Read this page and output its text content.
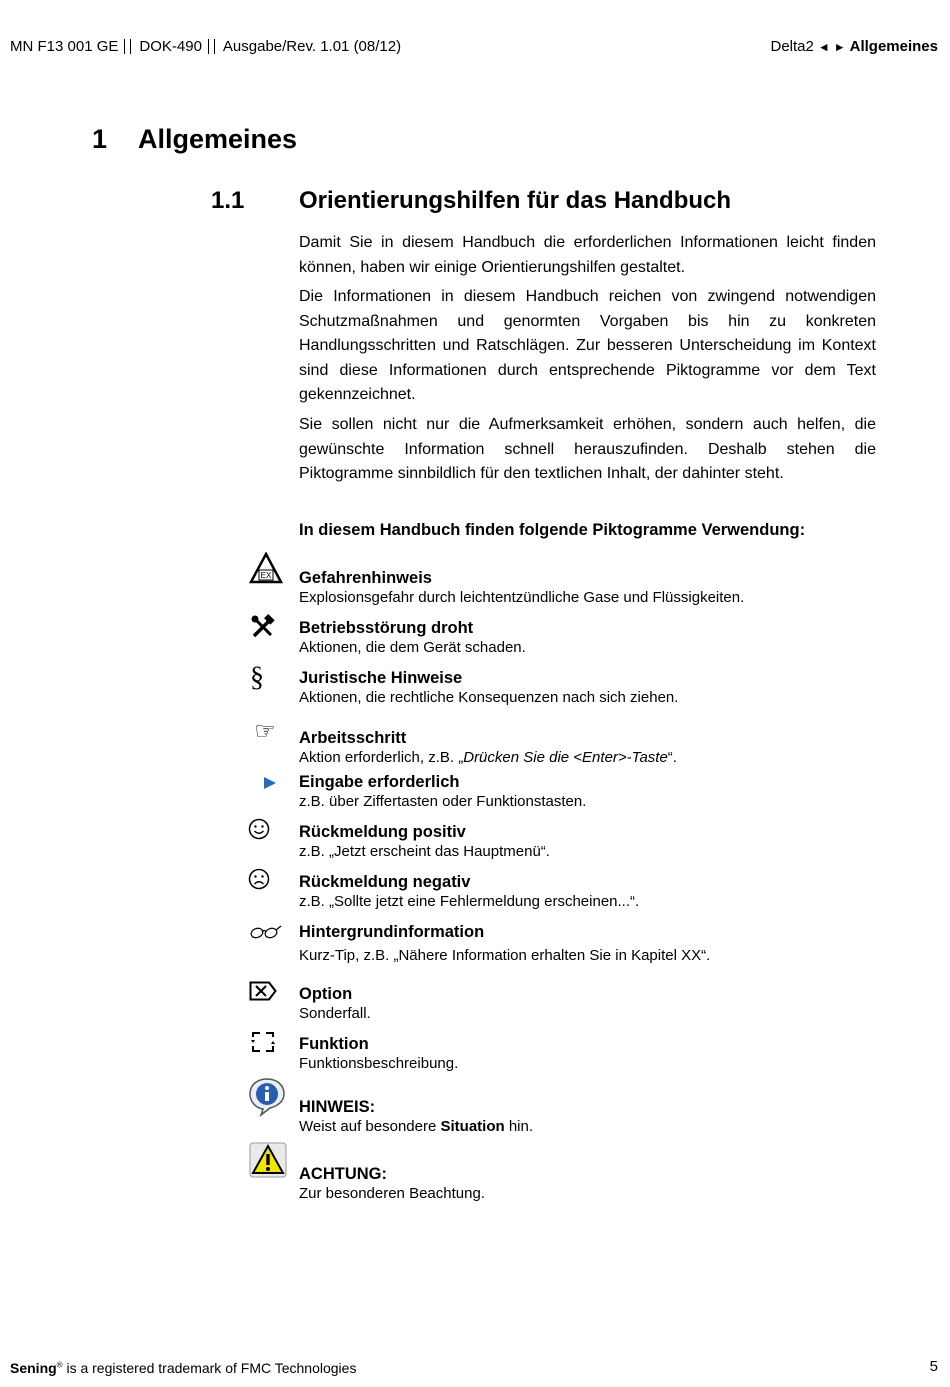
MN F13 001 GE DOK-490 Ausgabe/Rev. 1.01 (08/12)	Delta2 ◄ ► Allgemeines
1 Allgemeines
1.1 Orientierungshilfen für das Handbuch
Damit Sie in diesem Handbuch die erforderlichen Informationen leicht finden können, haben wir einige Orientierungshilfen gestaltet.
Die Informationen in diesem Handbuch reichen von zwingend notwendigen Schutzmaßnahmen und genormten Vorgaben bis hin zu konkreten Handlungsschritten und Ratschlägen. Zur besseren Unterscheidung im Kontext sind diese Informationen durch entsprechende Piktogramme vor dem Text gekennzeichnet.
Sie sollen nicht nur die Aufmerksamkeit erhöhen, sondern auch helfen, die gewünschte Information schnell herauszufinden. Deshalb stehen die Piktogramme sinnbildlich für den textlichen Inhalt, der dahinter steht.
In diesem Handbuch finden folgende Piktogramme Verwendung:
EX Gefahrenhinweis
Explosionsgefahr durch leichtentzündliche Gase und Flüssigkeiten.
Betriebsstörung droht
Aktionen, die dem Gerät schaden.
§ Juristische Hinweise
Aktionen, die rechtliche Konsequenzen nach sich ziehen.
☞	Arbeitsschritt
Aktion erforderlich, z.B. „Drücken Sie die <Enter>-Taste“.
Eingabe erforderlich
z.B. über Ziffertasten oder Funktionstasten.
Rückmeldung positiv
z.B. „Jetzt erscheint das Hauptmenü“.
Rückmeldung negativ
z.B. „Sollte jetzt eine Fehlermeldung erscheinen...“.
Hintergrundinformation
Kurz-Tip, z.B. „Nähere Information erhalten Sie in Kapitel XX“.
Option
Sonderfall.
Funktion
Funktionsbeschreibung.
HINWEIS:
Weist auf besondere Situation hin.
ACHTUNG:
Zur besonderen Beachtung.
Sening® is a registered trademark of FMC Technologies	5
